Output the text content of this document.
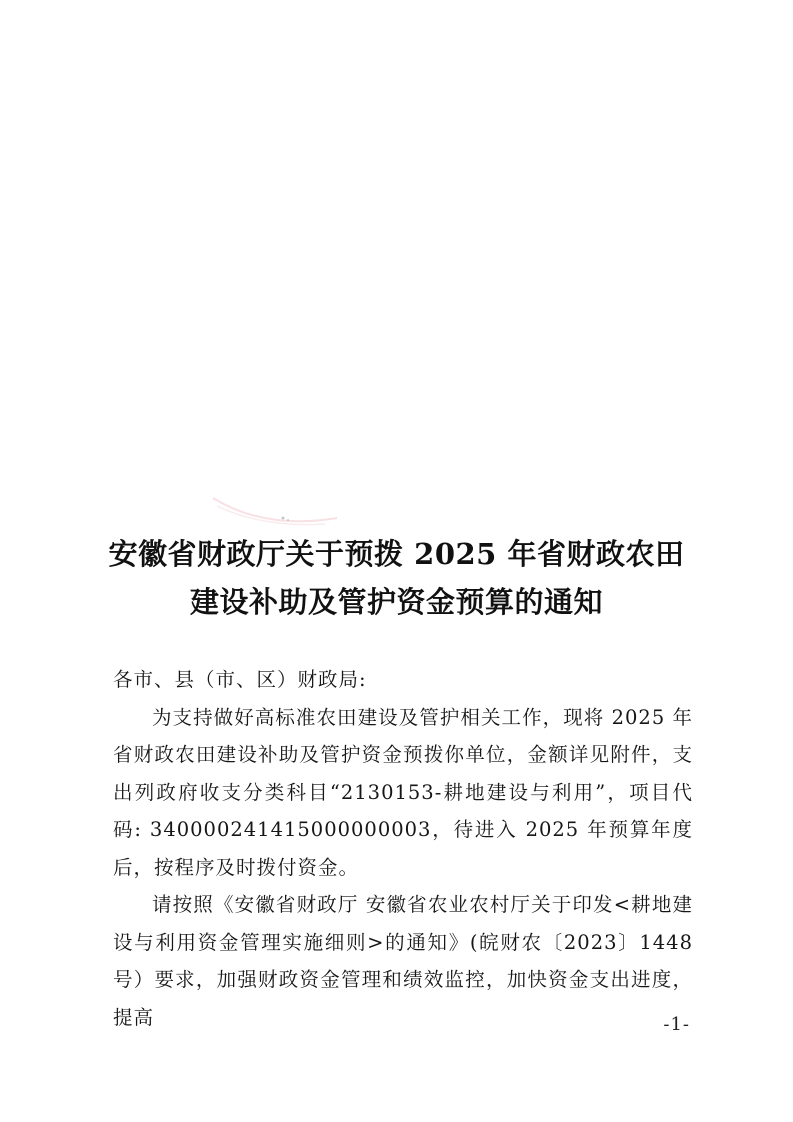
安徽省财政厅关于预拨 2025 年省财政农田
建设补助及管护资金预算的通知
各市、县（市、区）财政局:

为支持做好高标准农田建设及管护相关工作，现将 2025 年省财政农田建设补助及管护资金预拨你单位，金额详见附件，支出列政府收支分类科目“2130153-耕地建设与利用”，项目代码: 340000241415000000003，待进入 2025 年预算年度后，按程序及时拨付资金。

请按照《安徽省财政厅 安徽省农业农村厅关于印发<耕地建设与利用资金管理实施细则>的通知》(皖财农〔2023〕1448 号）要求，加强财政资金管理和绩效监控，加快资金支出进度，提高	-1-
